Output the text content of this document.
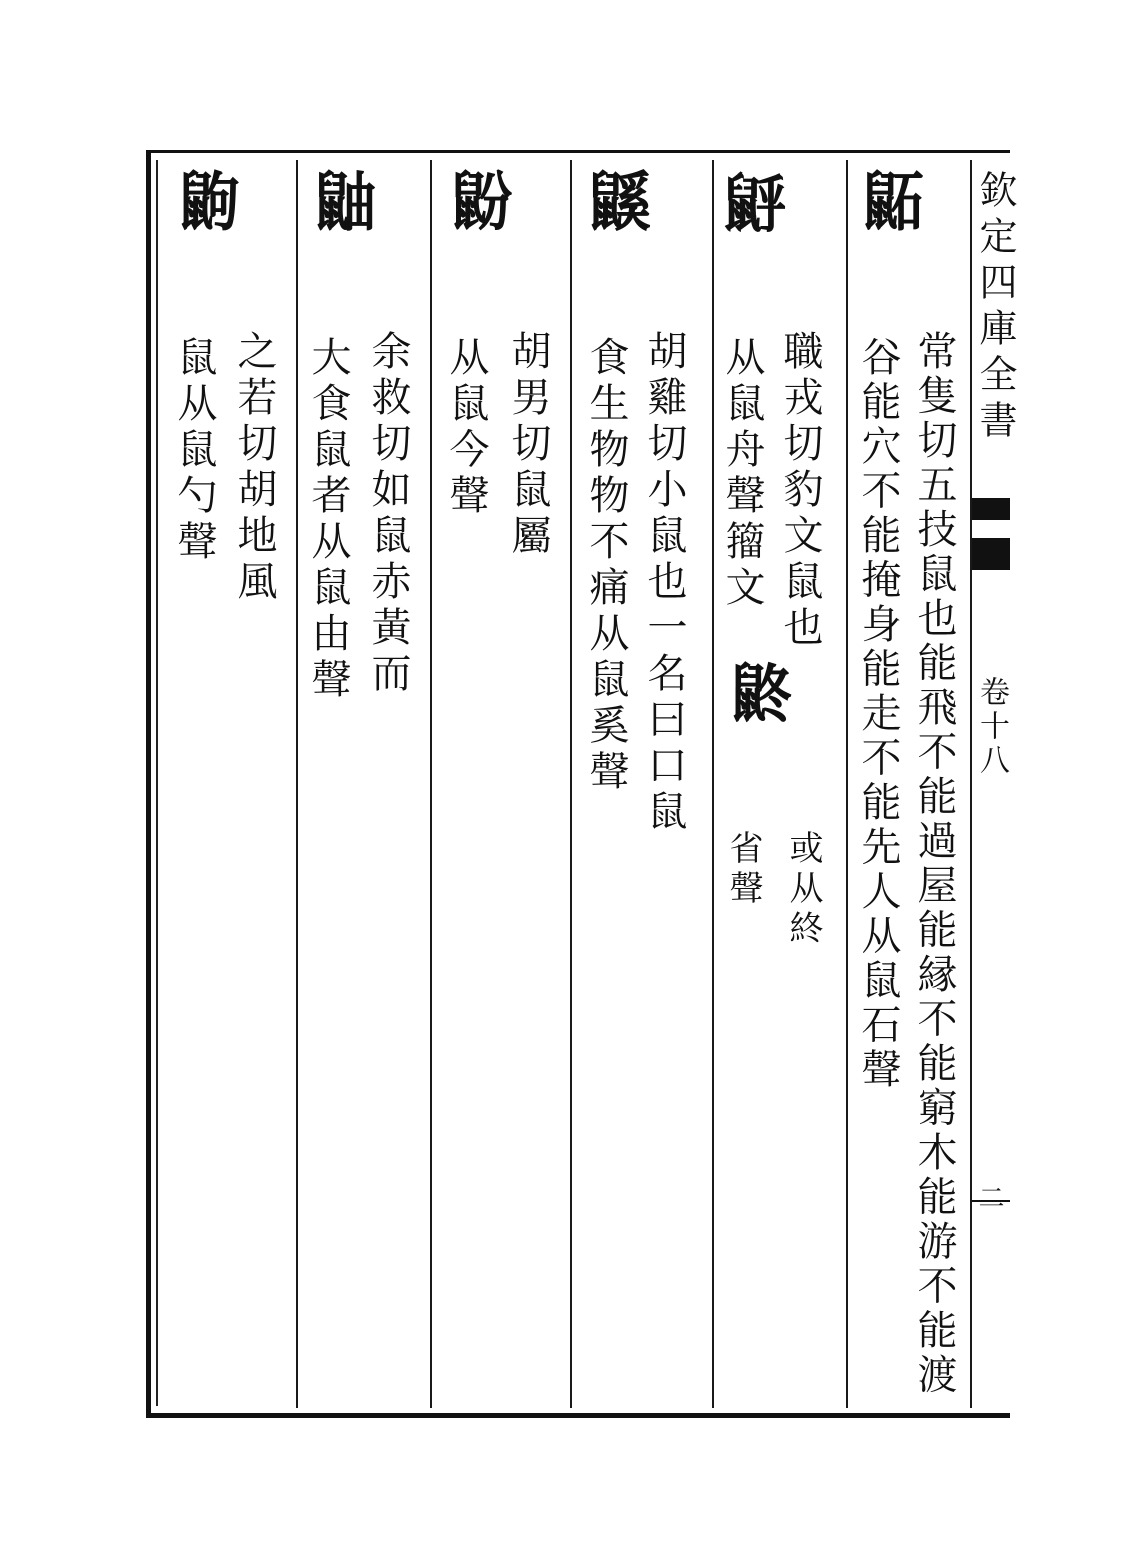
欽定四庫全書
卷十八
二
鼫
常隻切五技鼠也能飛不能過屋能縁不能窮木能游不能渡
谷能穴不能掩身能走不能先人从鼠石聲
𪕉
職戎切豹文鼠也
从鼠舟聲籀文
鼨
或从終
省聲
鼷
胡雞切小鼠也一名曰口鼠
食生物物不痛从鼠奚聲
鼢
胡男切鼠屬
从鼠今聲
鼬
余救切如鼠赤黃而
大食鼠者从鼠由聲
鼩
之若切胡地風
鼠从鼠勺聲
